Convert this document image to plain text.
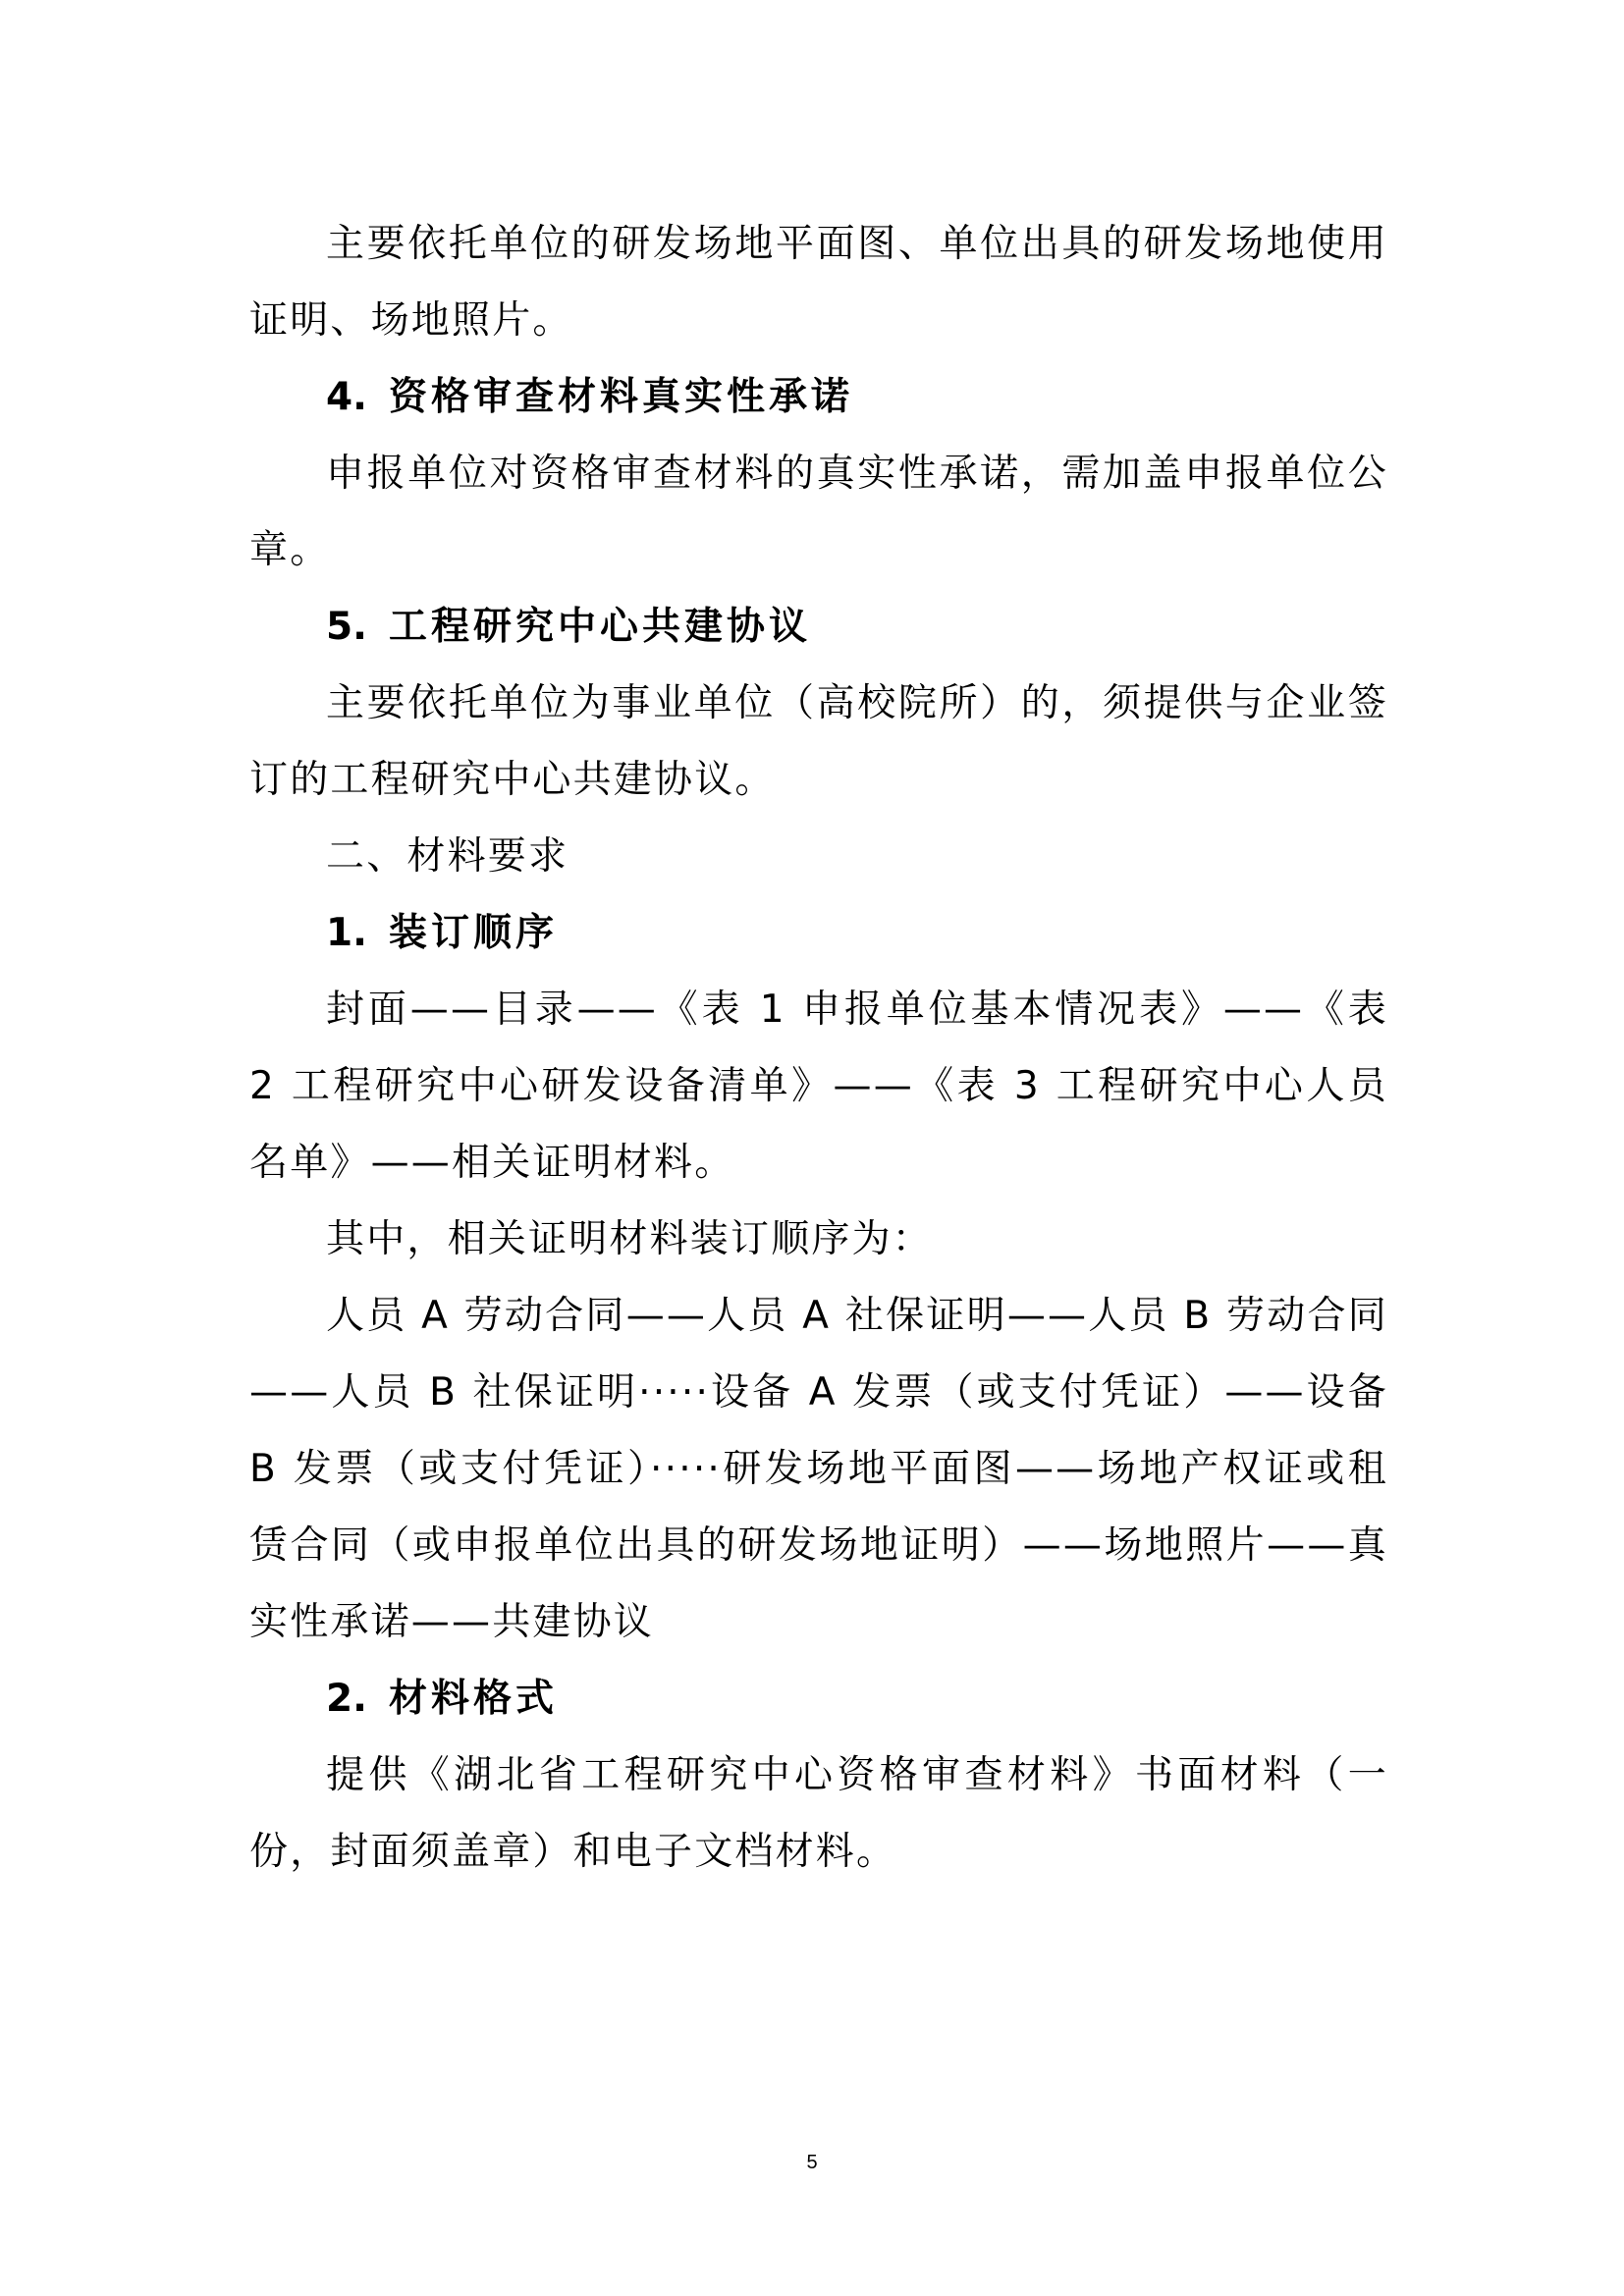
主要依托单位的研发场地平面图、单位出具的研发场地使用证明、场地照片。

4. 资格审查材料真实性承诺

申报单位对资格审查材料的真实性承诺，需加盖申报单位公章。

5. 工程研究中心共建协议

主要依托单位为事业单位（高校院所）的，须提供与企业签订的工程研究中心共建协议。

二、材料要求

1. 装订顺序

封面——目录——《表 1 申报单位基本情况表》——《表 2 工程研究中心研发设备清单》——《表 3 工程研究中心人员名单》——相关证明材料。

其中，相关证明材料装订顺序为：

人员 A 劳动合同——人员 A 社保证明——人员 B 劳动合同——人员 B 社保证明·····设备 A 发票（或支付凭证）——设备 B 发票（或支付凭证）·····研发场地平面图——场地产权证或租赁合同（或申报单位出具的研发场地证明）——场地照片——真实性承诺——共建协议

2. 材料格式

提供《湖北省工程研究中心资格审查材料》书面材料（一份，封面须盖章）和电子文档材料。

5
